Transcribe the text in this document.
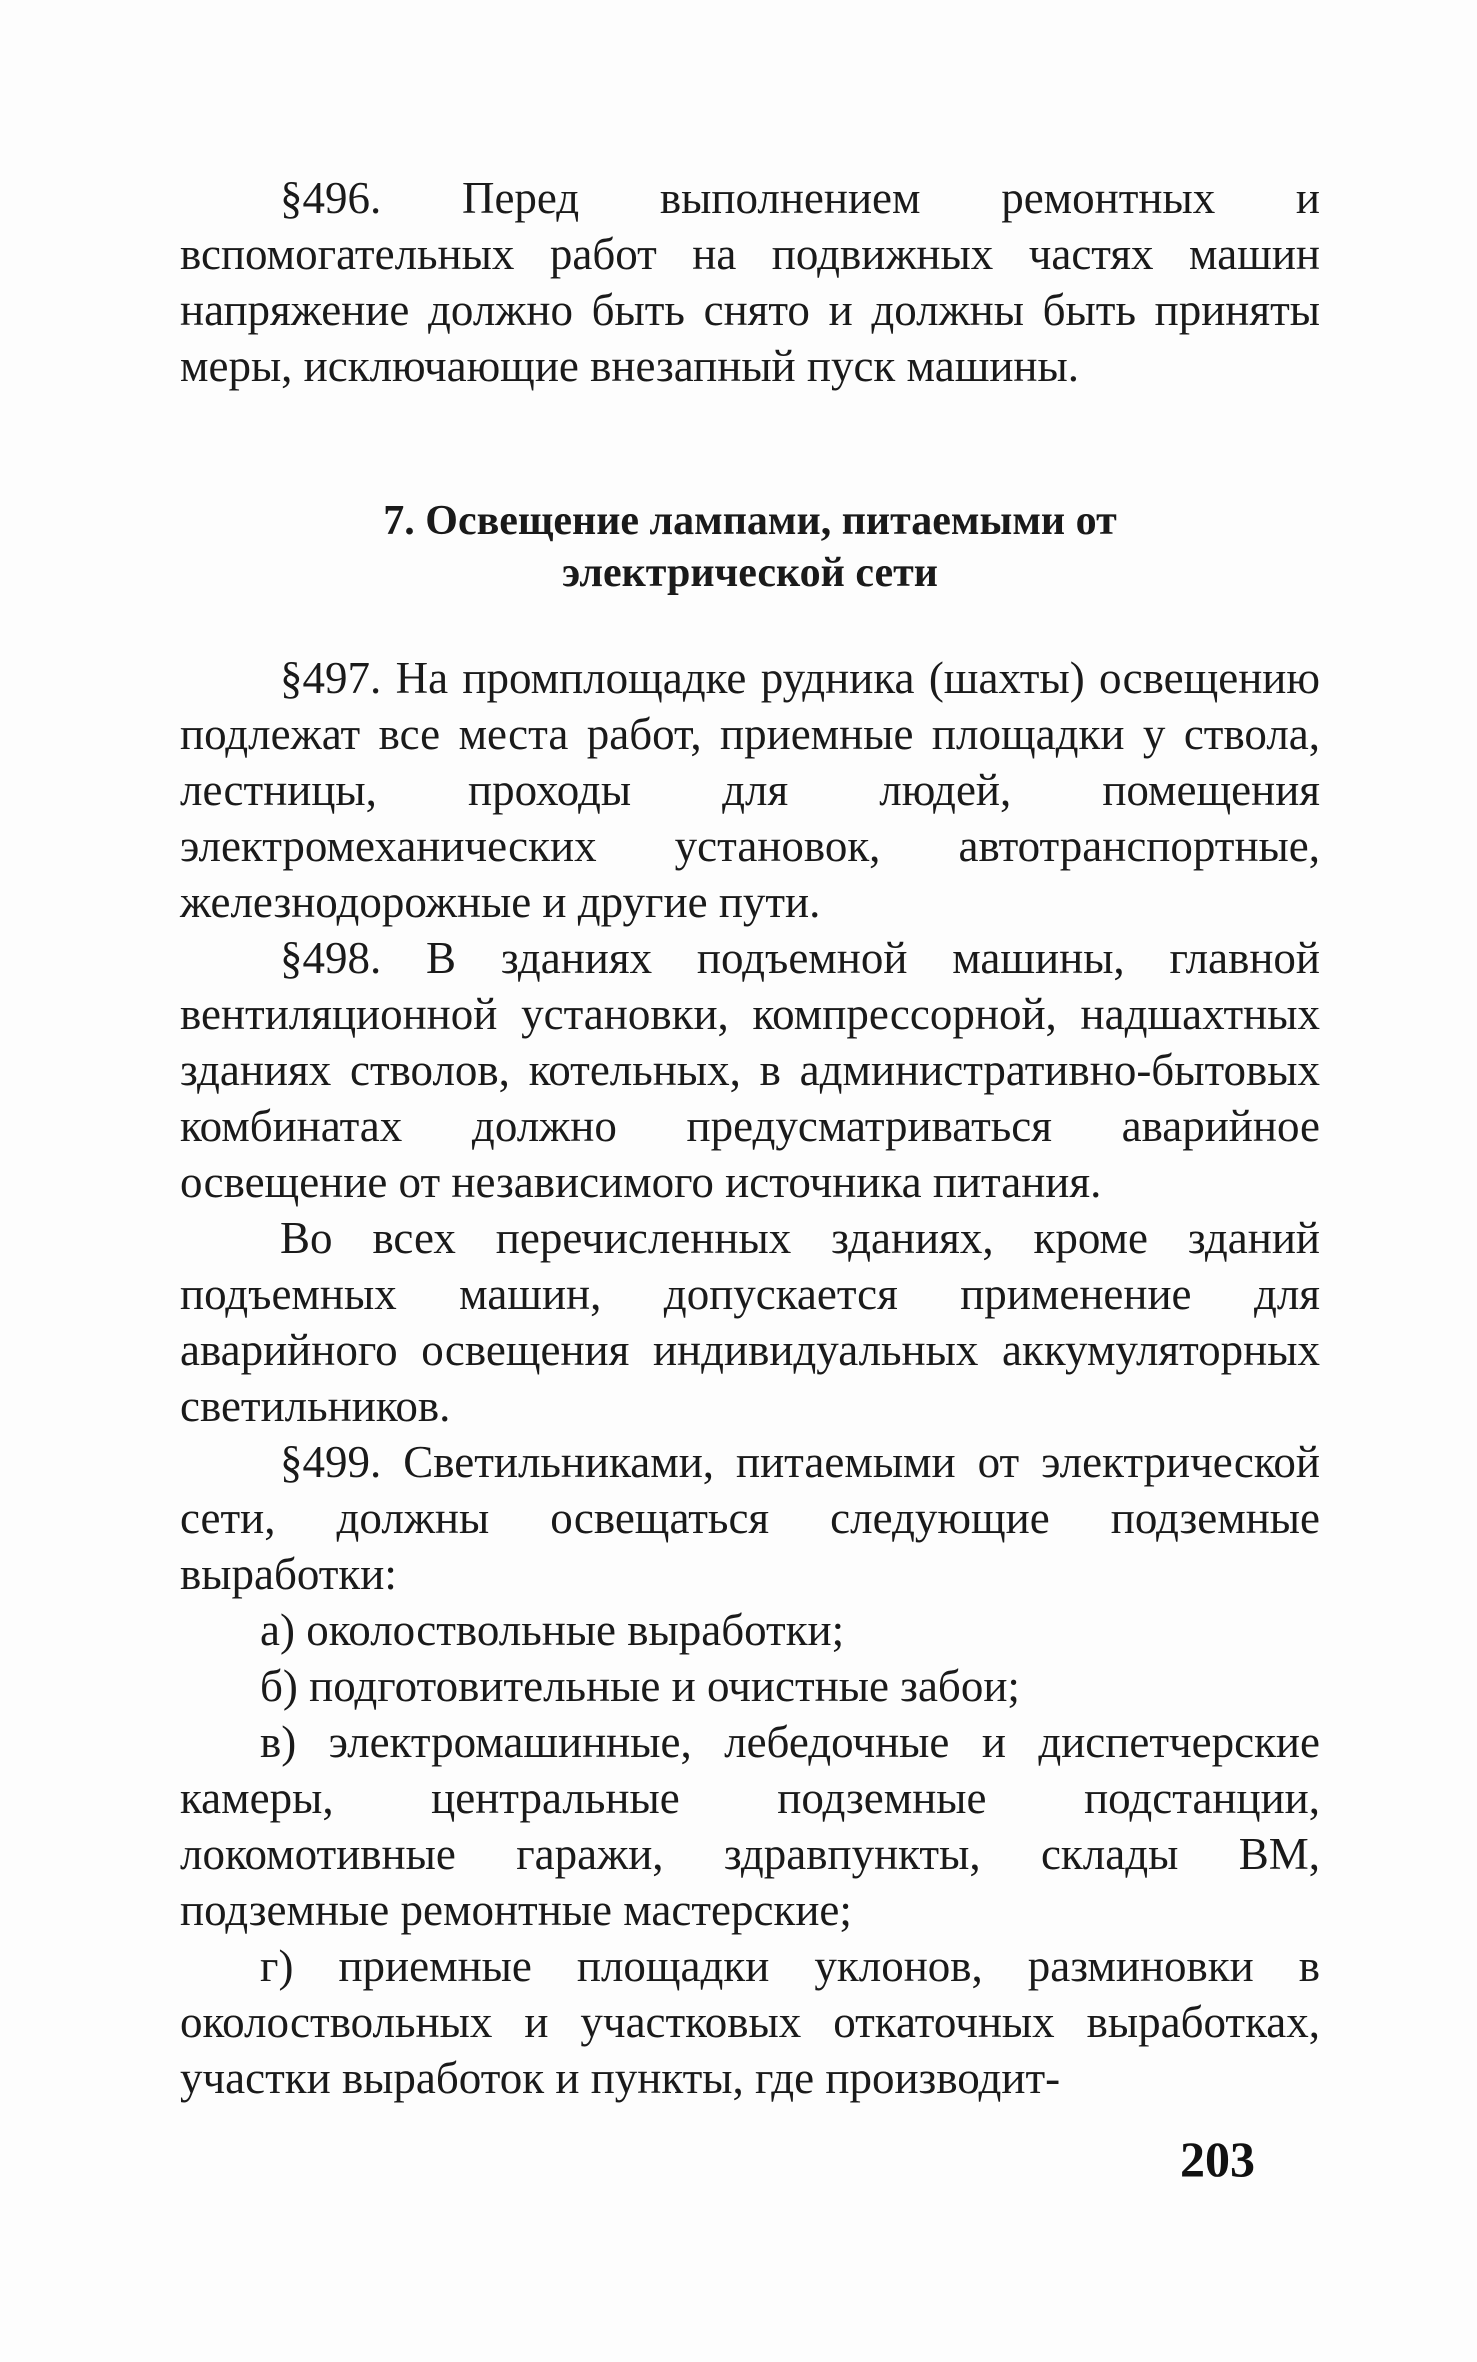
§496. Перед выполнением ремонтных и вспомогательных работ на подвижных частях машин напряжение должно быть снято и должны быть приняты меры, исключающие внезапный пуск машины.

7. Освещение лампами, питаемыми от

электрической сети

§497. На промплощадке рудника (шахты) освещению подлежат все места работ, приемные площадки у ствола, лестницы, проходы для людей, помещения электромеханических установок, автотранспортные, железнодорожные и другие пути.

§498. В зданиях подъемной машины, главной вентиляционной установки, компрессорной, надшахтных зданиях стволов, котельных, в административно-бытовых комбинатах должно предусматриваться аварийное освещение от независимого источника питания.

Во всех перечисленных зданиях, кроме зданий подъемных машин, допускается применение для аварийного освещения индивидуальных аккумуляторных светильников.

§499. Светильниками, питаемыми от электрической сети, должны освещаться следующие подземные выработки:

а) околоствольные выработки;

б) подготовительные и очистные забои;

в) электромашинные, лебедочные и диспетчерские камеры, центральные подземные подстанции, локомотивные гаражи, здравпункты, склады ВМ, подземные ремонтные мастерские;

г) приемные площадки уклонов, разминовки в околоствольных и участковых откаточных выработках, участки выработок и пункты, где производит-

203
